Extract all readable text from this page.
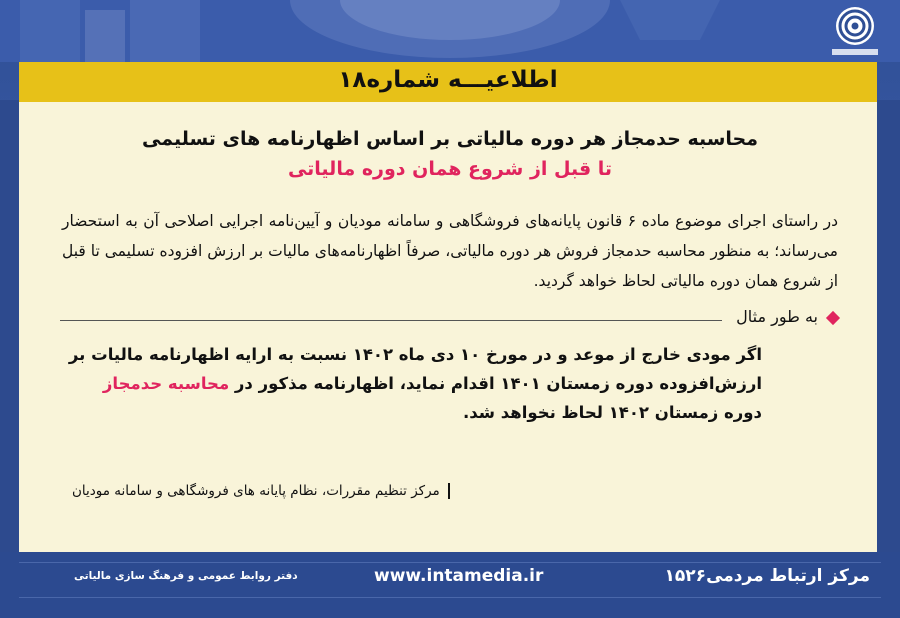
اطلاعیـــه شماره۱۸
محاسبه حدمجاز هر دوره مالیاتی بر اساس اظهارنامه های تسلیمی
تا قبل از شروع همان دوره مالیاتی
در راستای اجرای موضوع ماده ۶ قانون پایانه‌های فروشگاهی و سامانه مودیان و آیین‌نامه اجرایی اصلاحی آن به استحضار می‌رساند؛ به منظور محاسبه حدمجاز فروش هر دوره مالیاتی، صرفاً اظهارنامه‌های مالیات بر ارزش افزوده تسلیمی تا قبل از شروع همان دوره مالیاتی لحاظ خواهد گردید.
به طور مثال
اگر مودی خارج از موعد و در مورخ ۱۰ دی ماه ۱۴۰۲ نسبت به ارایه اظهارنامه مالیات بر ارزش‌افزوده دوره زمستان ۱۴۰۱ اقدام نماید، اظهارنامه مذکور در محاسبه حدمجاز دوره زمستان ۱۴۰۲ لحاظ نخواهد شد.
مرکز تنظیم مقررات، نظام پایانه های فروشگاهی و سامانه مودیان
دفتر روابط عمومی و فرهنگ سازی مالیاتی	www.intamedia.ir	مرکز ارتباط مردمی۱۵۲۶
